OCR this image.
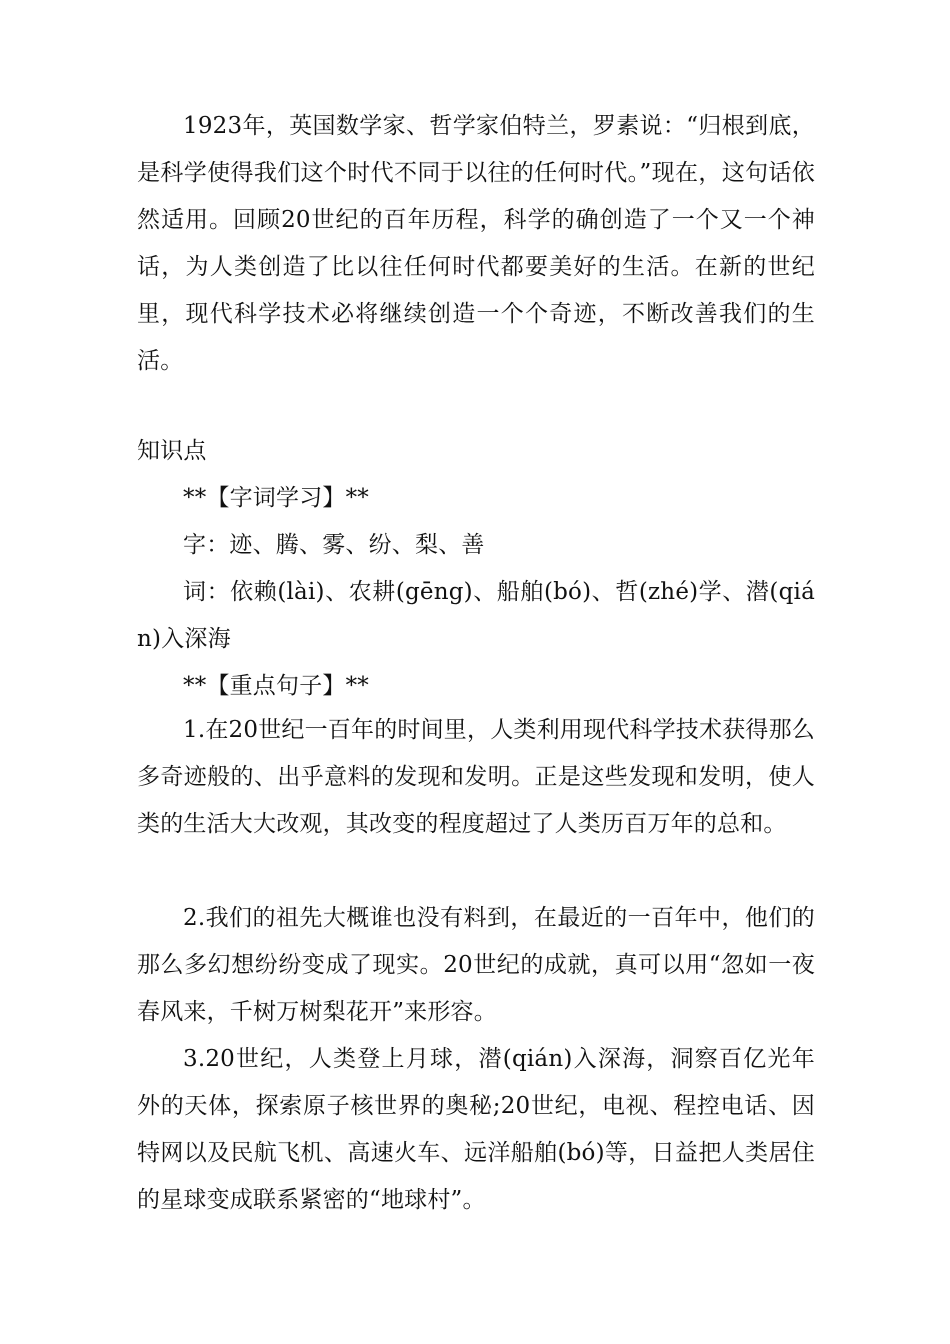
1923年，英国数学家、哲学家伯特兰，罗素说：“归根到底，是科学使得我们这个时代不同于以往的任何时代。”现在，这句话依然适用。回顾20世纪的百年历程，科学的确创造了一个又一个神话，为人类创造了比以往任何时代都要美好的生活。在新的世纪里，现代科学技术必将继续创造一个个奇迹，不断改善我们的生活。

知识点

**【字词学习】**

字：迹、腾、雾、纷、梨、善

词：依赖(lài)、农耕(gēng)、船舶(bó)、哲(zhé)学、潜(qián)入深海

**【重点句子】**

1.在20世纪一百年的时间里，人类利用现代科学技术获得那么多奇迹般的、出乎意料的发现和发明。正是这些发现和发明，使人类的生活大大改观，其改变的程度超过了人类历百万年的总和。

2.我们的祖先大概谁也没有料到，在最近的一百年中，他们的那么多幻想纷纷变成了现实。20世纪的成就，真可以用“忽如一夜春风来，千树万树梨花开”来形容。

3.20世纪，人类登上月球，潜(qián)入深海，洞察百亿光年外的天体，探索原子核世界的奥秘;20世纪，电视、程控电话、因特网以及民航飞机、高速火车、远洋船舶(bó)等，日益把人类居住的星球变成联系紧密的“地球村”。
